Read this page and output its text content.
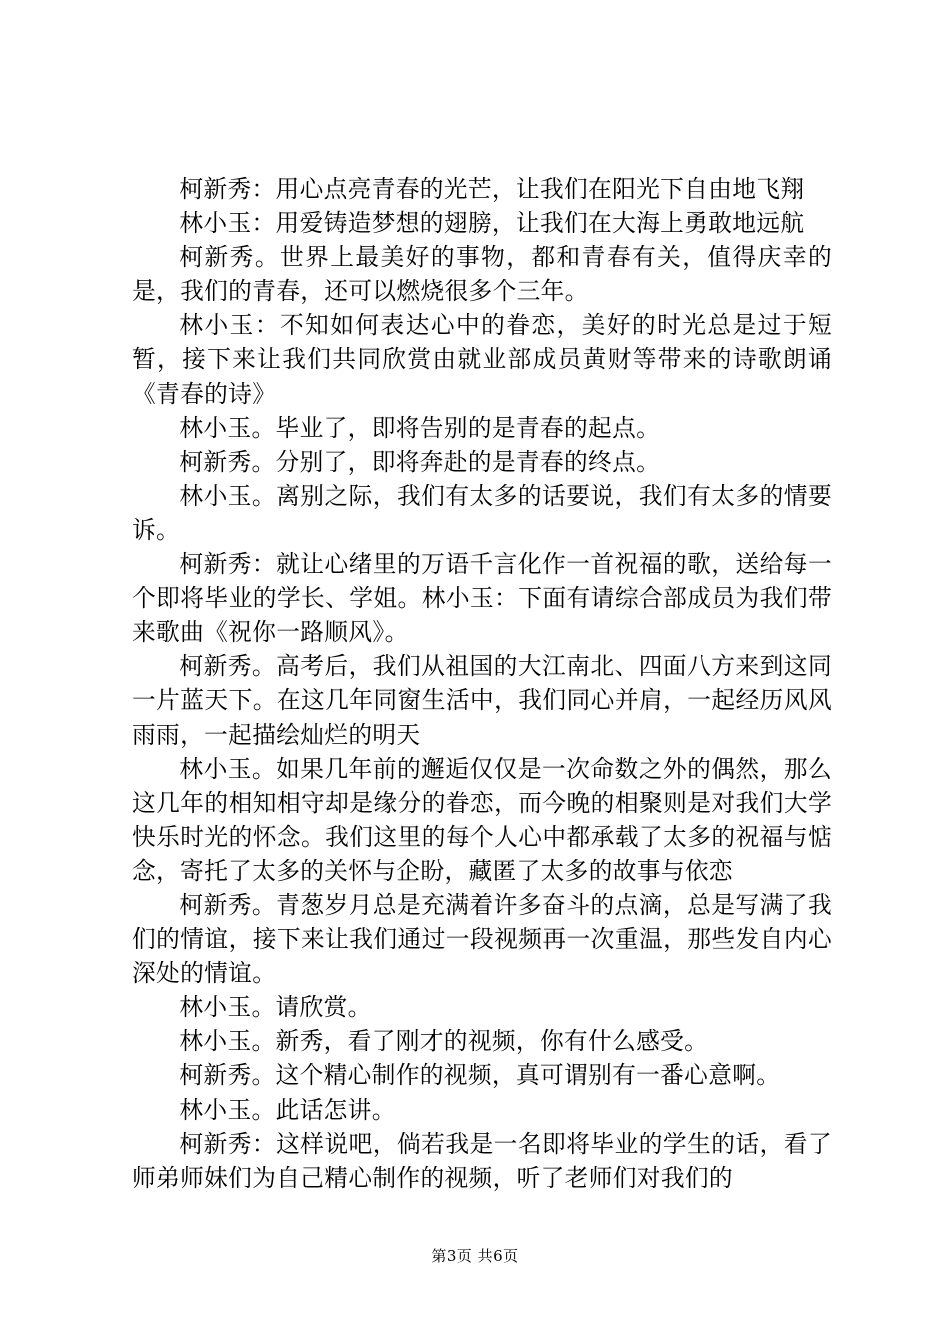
柯新秀：用心点亮青春的光芒，让我们在阳光下自由地飞翔

林小玉：用爱铸造梦想的翅膀，让我们在大海上勇敢地远航

柯新秀。世界上最美好的事物，都和青春有关，值得庆幸的是，我们的青春，还可以燃烧很多个三年。

林小玉：不知如何表达心中的眷恋，美好的时光总是过于短暂，接下来让我们共同欣赏由就业部成员黄财等带来的诗歌朗诵《青春的诗》

林小玉。毕业了，即将告别的是青春的起点。

柯新秀。分别了，即将奔赴的是青春的终点。

林小玉。离别之际，我们有太多的话要说，我们有太多的情要诉。

柯新秀：就让心绪里的万语千言化作一首祝福的歌，送给每一个即将毕业的学长、学姐。林小玉：下面有请综合部成员为我们带来歌曲《祝你一路顺风》。

柯新秀。高考后，我们从祖国的大江南北、四面八方来到这同一片蓝天下。在这几年同窗生活中，我们同心并肩，一起经历风风雨雨，一起描绘灿烂的明天

林小玉。如果几年前的邂逅仅仅是一次命数之外的偶然，那么这几年的相知相守却是缘分的眷恋，而今晚的相聚则是对我们大学快乐时光的怀念。我们这里的每个人心中都承载了太多的祝福与惦念，寄托了太多的关怀与企盼，藏匿了太多的故事与依恋

柯新秀。青葱岁月总是充满着许多奋斗的点滴，总是写满了我们的情谊，接下来让我们通过一段视频再一次重温，那些发自内心深处的情谊。

林小玉。请欣赏。

林小玉。新秀，看了刚才的视频，你有什么感受。

柯新秀。这个精心制作的视频，真可谓别有一番心意啊。

林小玉。此话怎讲。

柯新秀：这样说吧，倘若我是一名即将毕业的学生的话，看了师弟师妹们为自己精心制作的视频，听了老师们对我们的

第3页 共6页
